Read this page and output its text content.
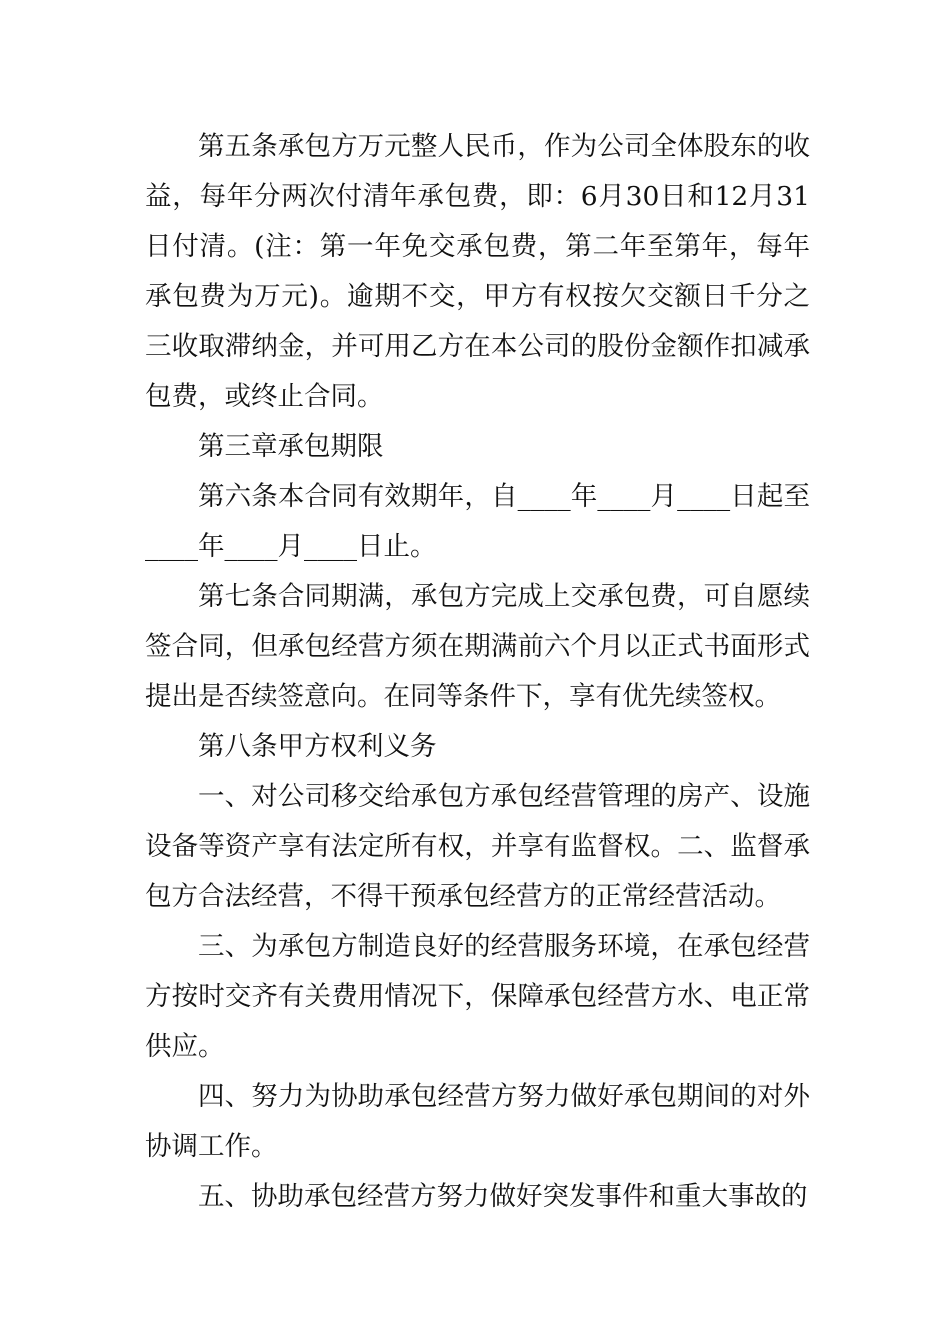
第五条承包方万元整人民币，作为公司全体股东的收益，每年分两次付清年承包费，即：6月30日和12月31日付清。(注：第一年免交承包费，第二年至第年，每年承包费为万元)。逾期不交，甲方有权按欠交额日千分之三收取滞纳金，并可用乙方在本公司的股份金额作扣减承包费，或终止合同。

第三章承包期限

第六条本合同有效期年，自____年____月____日起至____年____月____日止。

第七条合同期满，承包方完成上交承包费，可自愿续签合同，但承包经营方须在期满前六个月以正式书面形式提出是否续签意向。在同等条件下，享有优先续签权。

第八条甲方权利义务

一、对公司移交给承包方承包经营管理的房产、设施设备等资产享有法定所有权，并享有监督权。二、监督承包方合法经营，不得干预承包经营方的正常经营活动。

三、为承包方制造良好的经营服务环境，在承包经营方按时交齐有关费用情况下，保障承包经营方水、电正常供应。

四、努力为协助承包经营方努力做好承包期间的对外协调工作。

五、协助承包经营方努力做好突发事件和重大事故的
